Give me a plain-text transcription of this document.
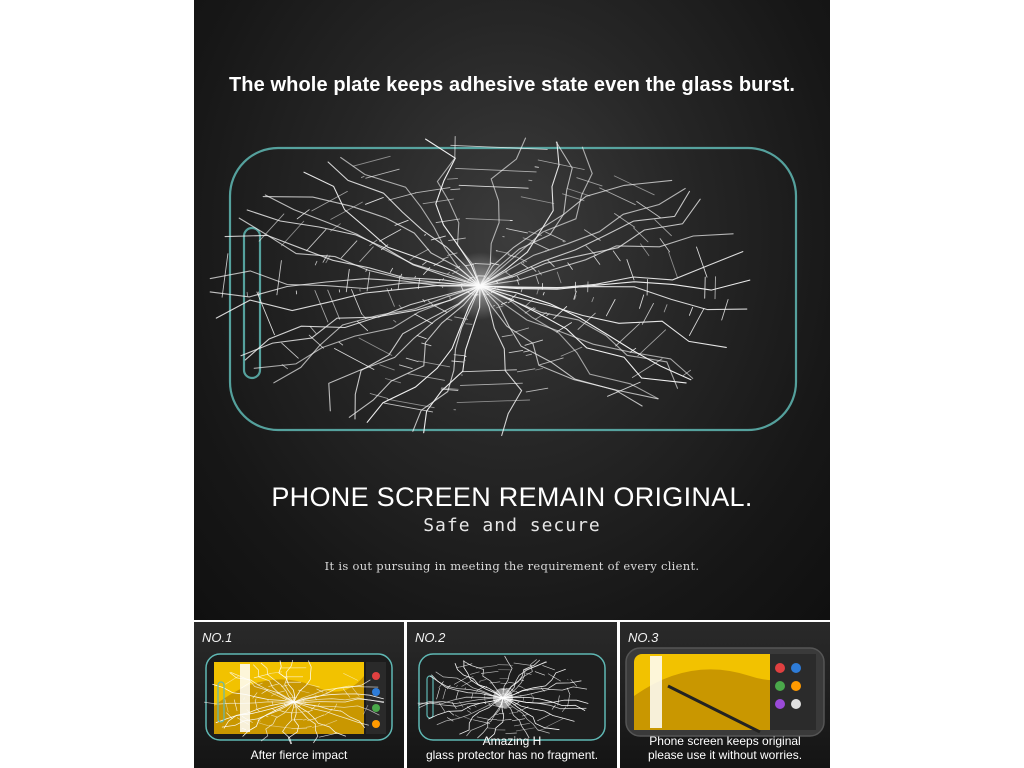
The whole plate keeps adhesive state even the glass burst.
PHONE SCREEN REMAIN ORIGINAL.
Safe and secure
It is out pursuing in meeting the requirement of every client.
NO.1
After fierce impact
NO.2
Amazing H
glass protector has no fragment.
NO.3
Phone screen keeps original
please use it without worries.
